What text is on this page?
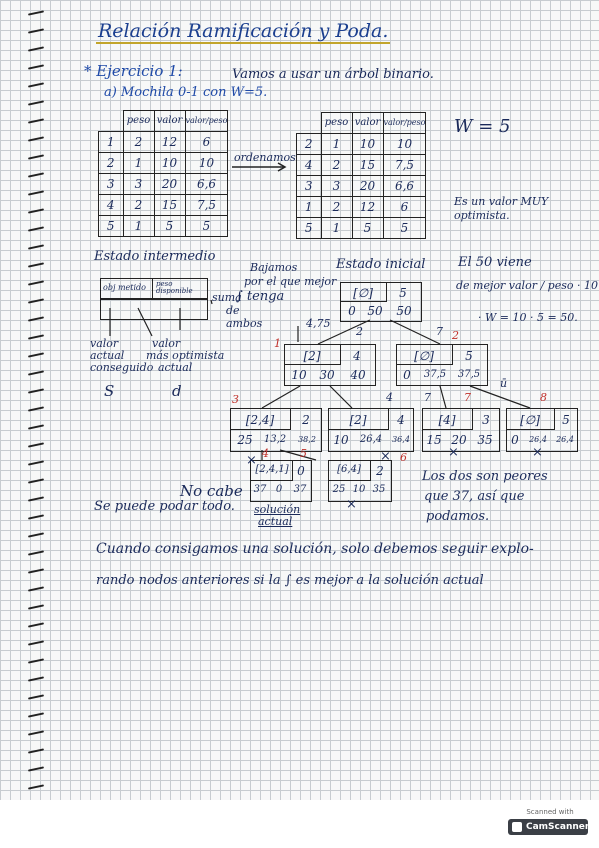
Relación Ramificación y Poda.
* Ejercicio 1:	Vamos a usar un árbol binario.
a) Mochila 0-1 con W=5.
	peso	valor	valor/peso
1	2	12	6
2	1	10	10
3	3	20	6,6
4	2	15	7,5
5	1	5	5
ordenamos
	peso	valor	valor/peso
2	1	10	10
4	2	15	7,5
3	3	20	6,6
1	2	12	6
5	1	5	5
W = 5
Es un valor MUY
optimista.
Estado intermedio
obj metido peso disponible	suma
de
ambos
valor
actual
conseguido
valor
más optimista
actual
S	d
Bajamos
por el que mejor
∫ tenga
Estado inicial	El 50 viene
de mejor valor / peso · 10
· W = 10 · 5 = 50.
[∅]	5
0 50	50
[2]	4
10	30	40
1
[∅]	5
0	37,5	37,5
2
[2,4]	2
25	13,2	38,2
3
[2]	4
10	26,4	36,4
6
[4]	3
15 20 35
7
[∅]	5
0	26,4	26,4
8
[2,4,1] 0
37 0	37
4
[6,4]	2
25 10 35
5
4,75
2	7
4	7
ū
×
×
×	×
×
No cabe
Se puede podar todo. solución
actual
Los dos son peores
que 37, así que
podamos.
Cuando consigamos una solución, solo debemos seguir explo-
rando nodos anteriores si la ∫ es mejor a la solución actual
Scanned with
CamScanner
